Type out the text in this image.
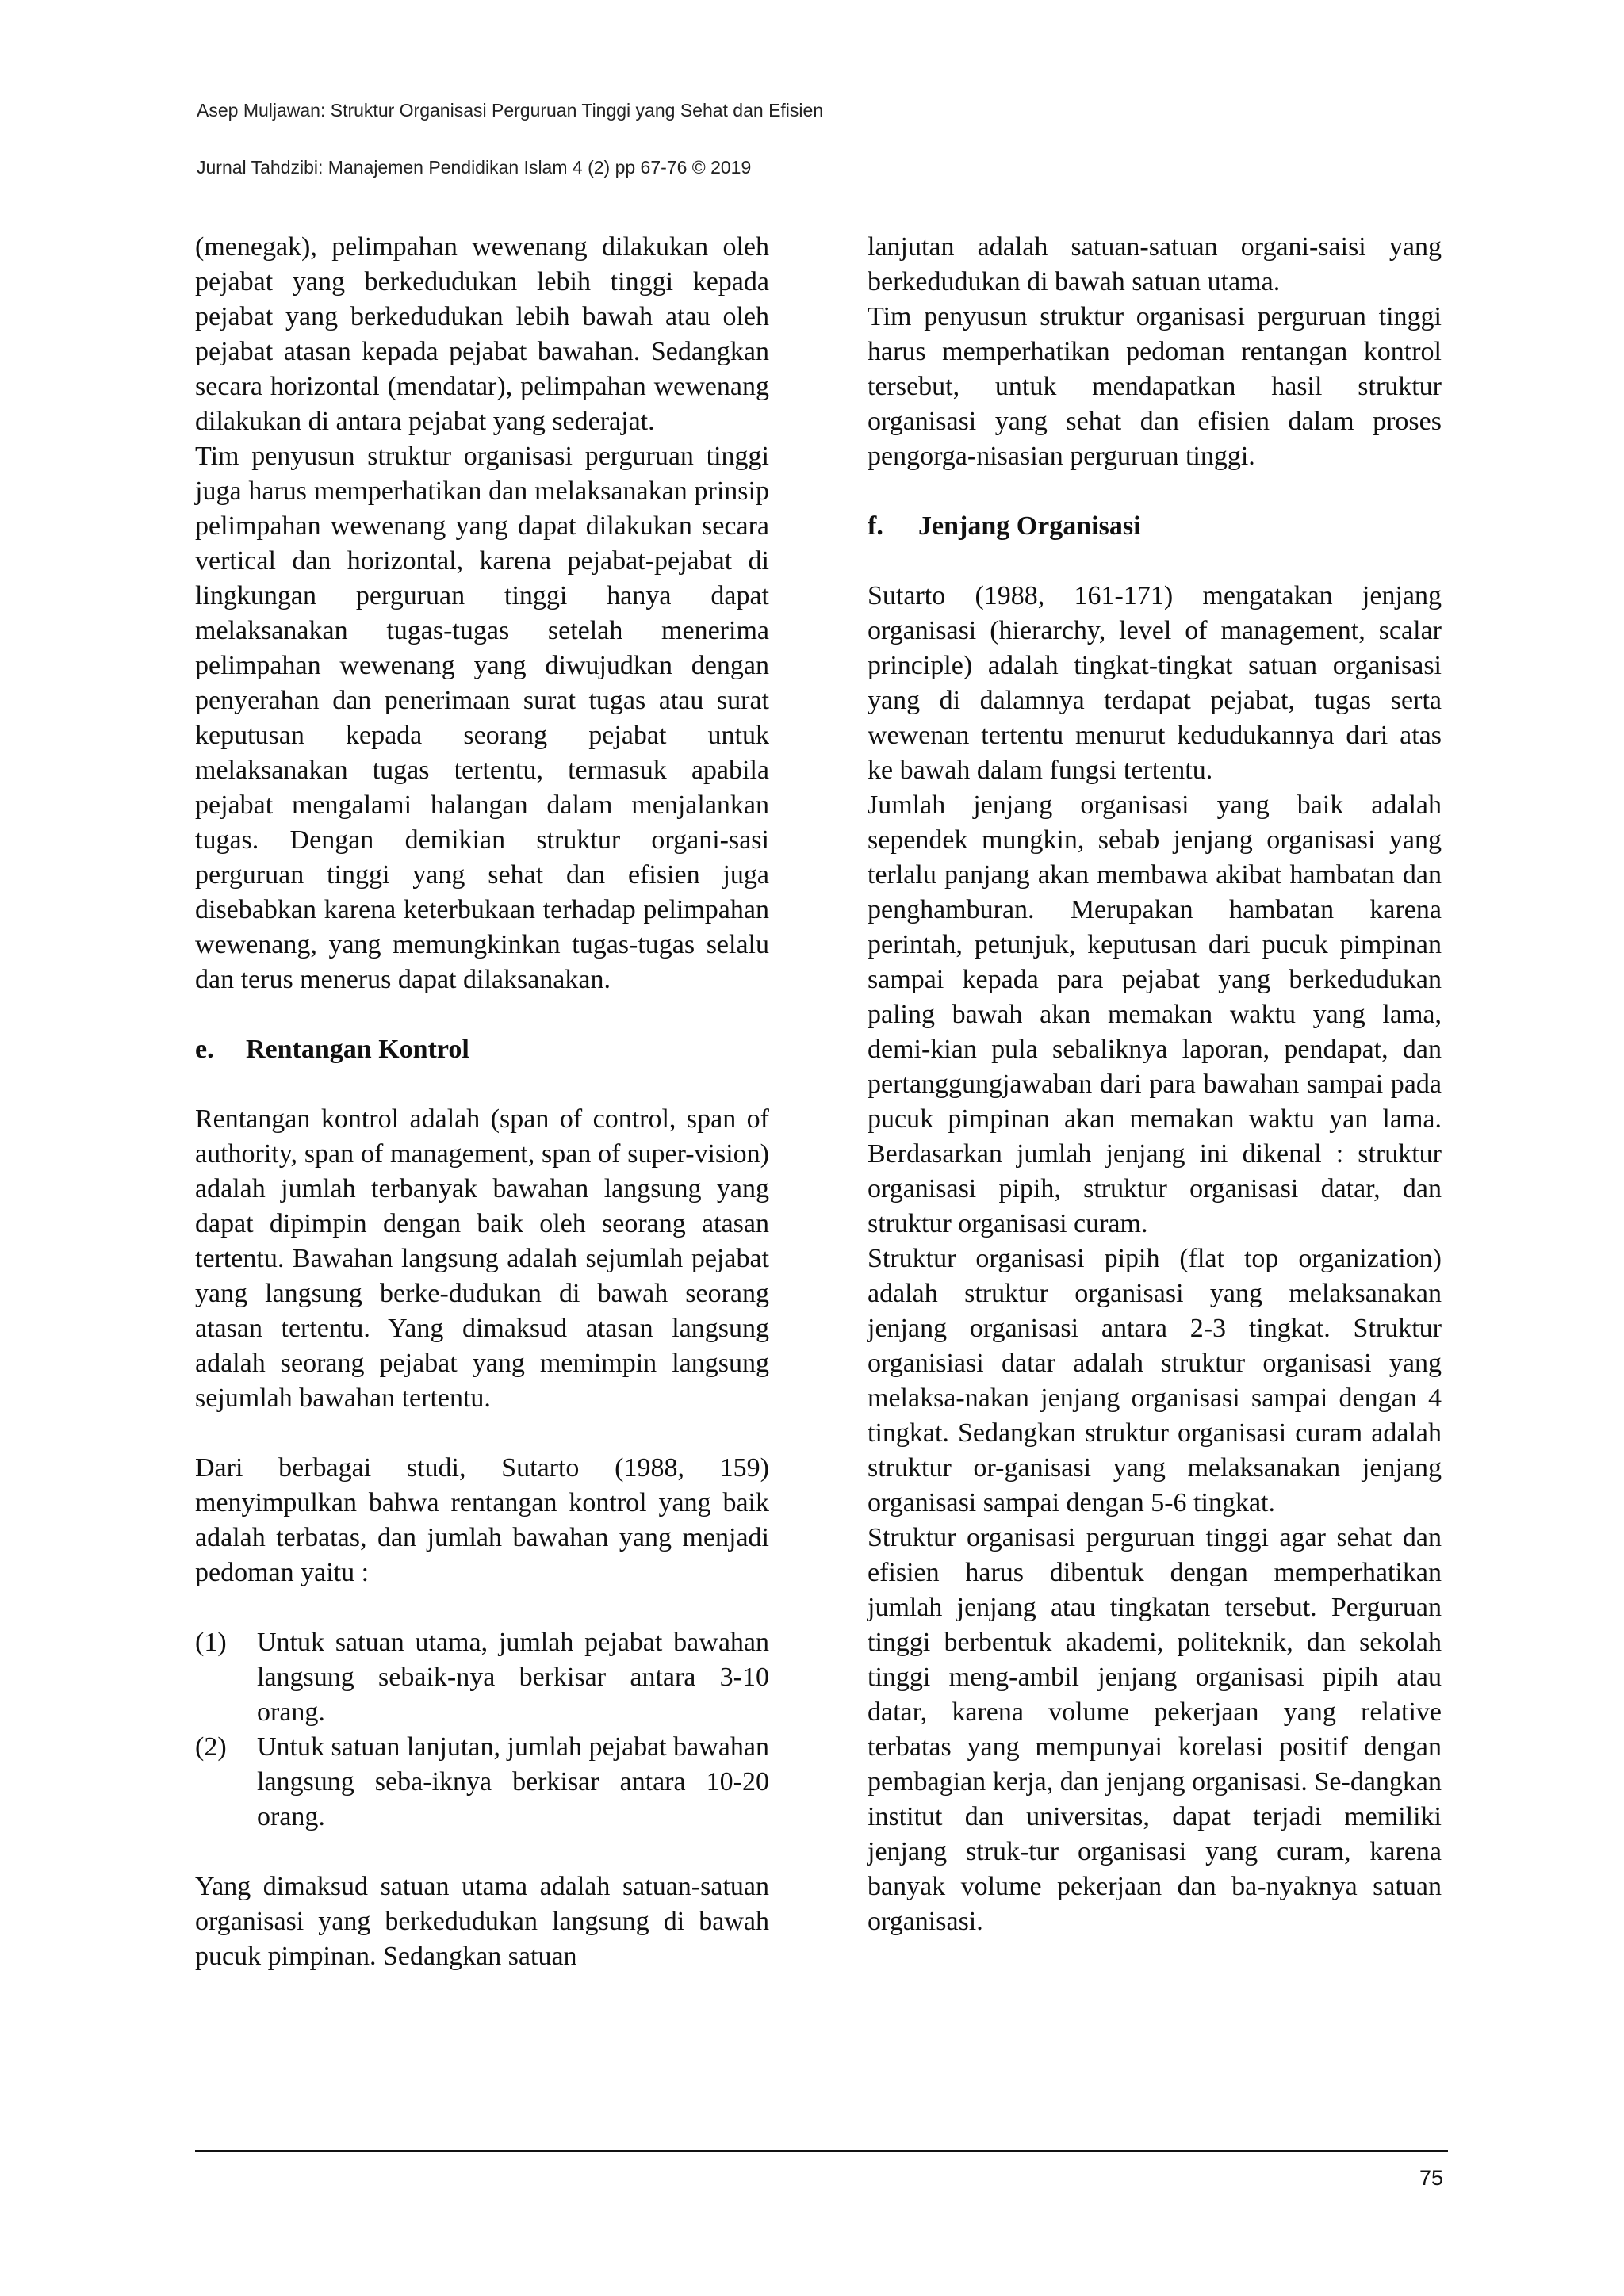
Asep Muljawan: Struktur Organisasi Perguruan Tinggi yang Sehat dan Efisien
Jurnal Tahdzibi: Manajemen Pendidikan Islam 4 (2) pp 67-76 © 2019

(menegak), pelimpahan wewenang dilakukan oleh pejabat yang berkedudukan lebih tinggi kepada pejabat yang berkedudukan lebih bawah atau oleh pejabat atasan kepada pejabat bawahan. Sedangkan secara horizontal (mendatar), pelimpahan wewenang dilakukan di antara pejabat yang sederajat.

Tim penyusun struktur organisasi perguruan tinggi juga harus memperhatikan dan melaksanakan prinsip pelimpahan wewenang yang dapat dilakukan secara vertical dan horizontal, karena pejabat-pejabat di lingkungan perguruan tinggi hanya dapat melaksanakan tugas-tugas setelah menerima pelimpahan wewenang yang diwujudkan dengan penyerahan dan penerimaan surat tugas atau surat keputusan kepada seorang pejabat untuk melaksanakan tugas tertentu, termasuk apabila pejabat mengalami halangan dalam menjalankan tugas. Dengan demikian struktur organi-sasi perguruan tinggi yang sehat dan efisien juga disebabkan karena keterbukaan terhadap pelimpahan wewenang, yang memungkinkan tugas-tugas selalu dan terus menerus dapat dilaksanakan.

e.	Rentangan Kontrol

Rentangan kontrol adalah (span of control, span of authority, span of management, span of super-vision) adalah jumlah terbanyak bawahan langsung yang dapat dipimpin dengan baik oleh seorang atasan tertentu. Bawahan langsung adalah sejumlah pejabat yang langsung berke-dudukan di bawah seorang atasan tertentu. Yang dimaksud atasan langsung adalah seorang pejabat yang memimpin langsung sejumlah bawahan tertentu.

Dari berbagai studi, Sutarto (1988, 159) menyimpulkan bahwa rentangan kontrol yang baik adalah terbatas, dan jumlah bawahan yang menjadi pedoman yaitu :

(1)	Untuk satuan utama, jumlah pejabat bawahan langsung sebaik-nya berkisar antara 3-10 orang.
(2)	Untuk satuan lanjutan, jumlah pejabat bawahan langsung seba-iknya berkisar antara 10-20 orang.

Yang dimaksud satuan utama adalah satuan-satuan organisasi yang berkedudukan langsung di bawah pucuk pimpinan. Sedangkan satuan

lanjutan adalah satuan-satuan organi-saisi yang berkedudukan di bawah satuan utama.

Tim penyusun struktur organisasi perguruan tinggi harus memperhatikan pedoman rentangan kontrol tersebut, untuk mendapatkan hasil struktur organisasi yang sehat dan efisien dalam proses pengorga-nisasian perguruan tinggi.

f.	Jenjang Organisasi

Sutarto (1988, 161-171) mengatakan jenjang organisasi (hierarchy, level of management, scalar principle) adalah tingkat-tingkat satuan organisasi yang di dalamnya terdapat pejabat, tugas serta wewenan tertentu menurut kedudukannya dari atas ke bawah dalam fungsi tertentu.

Jumlah jenjang organisasi yang baik adalah sependek mungkin, sebab jenjang organisasi yang terlalu panjang akan membawa akibat hambatan dan penghamburan. Merupakan hambatan karena perintah, petunjuk, keputusan dari pucuk pimpinan sampai kepada para pejabat yang berkedudukan paling bawah akan memakan waktu yang lama, demi-kian pula sebaliknya laporan, pendapat, dan pertanggungjawaban dari para bawahan sampai pada pucuk pimpinan akan memakan waktu yan lama. Berdasarkan jumlah jenjang ini dikenal : struktur organisasi pipih, struktur organisasi datar, dan struktur organisasi curam.

Struktur organisasi pipih (flat top organization) adalah struktur organisasi yang melaksanakan jenjang organisasi antara 2-3 tingkat. Struktur organisiasi datar adalah struktur organisasi yang melaksa-nakan jenjang organisasi sampai dengan 4 tingkat. Sedangkan struktur organisasi curam adalah struktur or-ganisasi yang melaksanakan jenjang organisasi sampai dengan 5-6 tingkat.

Struktur organisasi perguruan tinggi agar sehat dan efisien harus dibentuk dengan memperhatikan jumlah jenjang atau tingkatan tersebut. Perguruan tinggi berbentuk akademi, politeknik, dan sekolah tinggi meng-ambil jenjang organisasi pipih atau datar, karena volume pekerjaan yang relative terbatas yang mempunyai korelasi positif dengan pembagian kerja, dan jenjang organisasi. Se-dangkan institut dan universitas, dapat terjadi memiliki jenjang struk-tur organisasi yang curam, karena banyak volume pekerjaan dan ba-nyaknya satuan organisasi.

75
